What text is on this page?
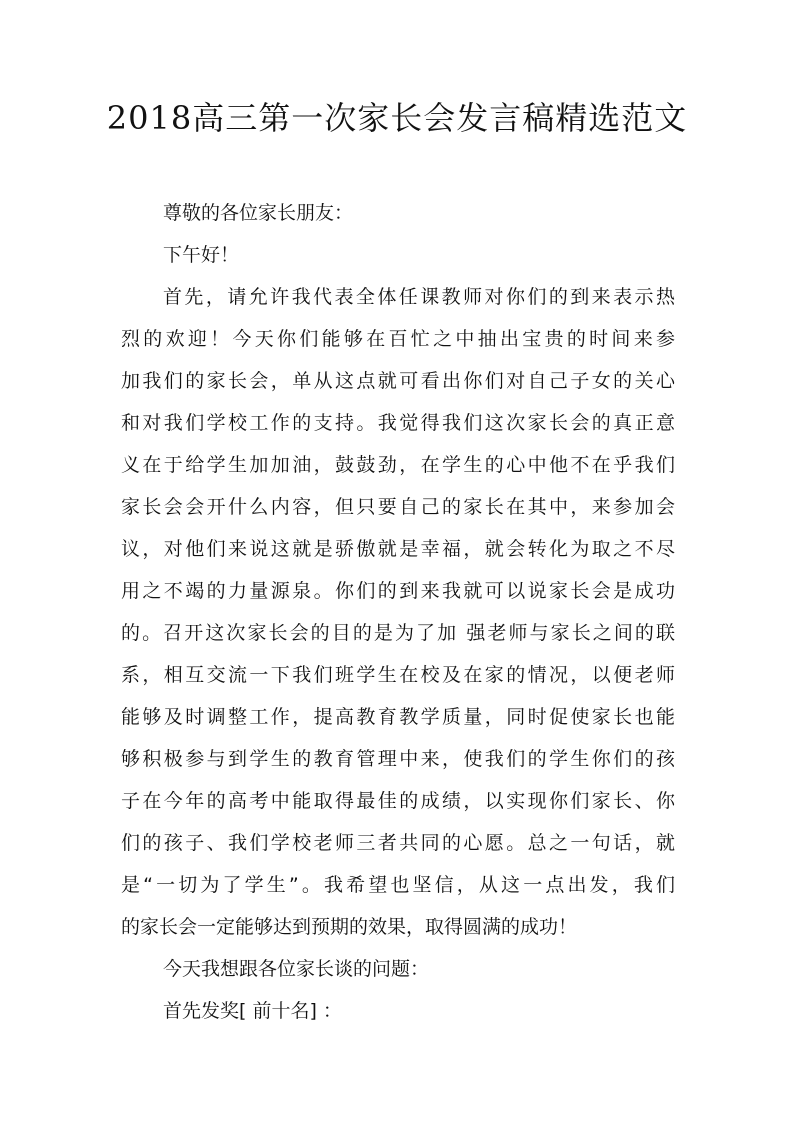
2018高三第一次家长会发言稿精选范文

尊敬的各位家长朋友：

下午好！

首先，请允许我代表全体任课教师对你们的到来表示热
烈的欢迎！今天你们能够在百忙之中抽出宝贵的时间来参
加我们的家长会，单从这点就可看出你们对自己子女的关心
和对我们学校工作的支持。我觉得我们这次家长会的真正意
义在于给学生加加油，鼓鼓劲，在学生的心中他不在乎我们
家长会会开什么内容，但只要自己的家长在其中，来参加会
议，对他们来说这就是骄傲就是幸福，就会转化为取之不尽
用之不竭的力量源泉。你们的到来我就可以说家长会是成功
的。召开这次家长会的目的是为了加 强老师与家长之间的联
系，相互交流一下我们班学生在校及在家的情况，以便老师
能够及时调整工作，提高教育教学质量，同时促使家长也能
够积极参与到学生的教育管理中来，使我们的学生你们的孩
子在今年的高考中能取得最佳的成绩，以实现你们家长、你
们的孩子、我们学校老师三者共同的心愿。总之一句话，就
是“一切为了学生”。我希望也坚信，从这一点出发，我们
的家长会一定能够达到预期的效果，取得圆满的成功！

今天我想跟各位家长谈的问题：

首先发奖[ 前十名] ：
